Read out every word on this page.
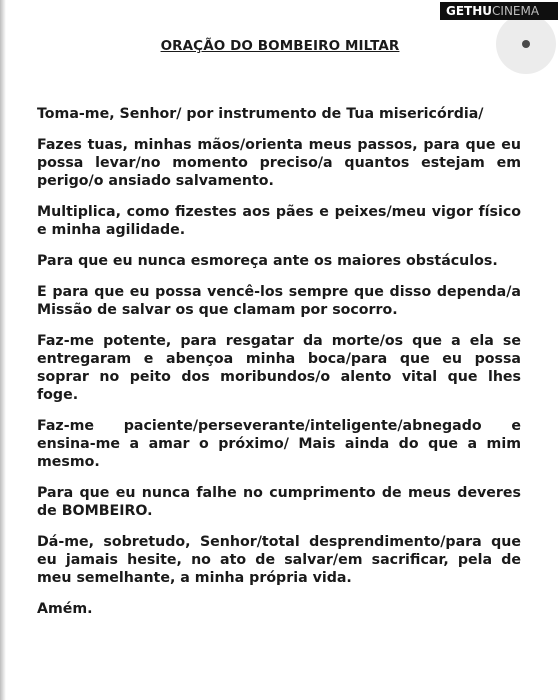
GETHUCINEMA
ORAÇÃO DO BOMBEIRO MILTAR

Toma-me, Senhor/ por instrumento de Tua misericórdia/

Fazes tuas, minhas mãos/orienta meus passos, para que eu possa levar/no momento preciso/a quantos estejam em perigo/o ansiado salvamento.

Multiplica, como fizestes aos pães e peixes/meu vigor físico e minha agilidade.

Para que eu nunca esmoreça ante os maiores obstáculos.

E para que eu possa vencê-los sempre que disso dependa/a Missão de salvar os que clamam por socorro.

Faz-me potente, para resgatar da morte/os que a ela se entregaram e abençoa minha boca/para que eu possa soprar no peito dos moribundos/o alento vital que lhes foge.

Faz-me paciente/perseverante/inteligente/abnegado e ensina-me a amar o próximo/ Mais ainda do que a mim mesmo.

Para que eu nunca falhe no cumprimento de meus deveres de BOMBEIRO.

Dá-me, sobretudo, Senhor/total desprendimento/para que eu jamais hesite, no ato de salvar/em sacrificar, pela de meu semelhante, a minha própria vida.

Amém.
